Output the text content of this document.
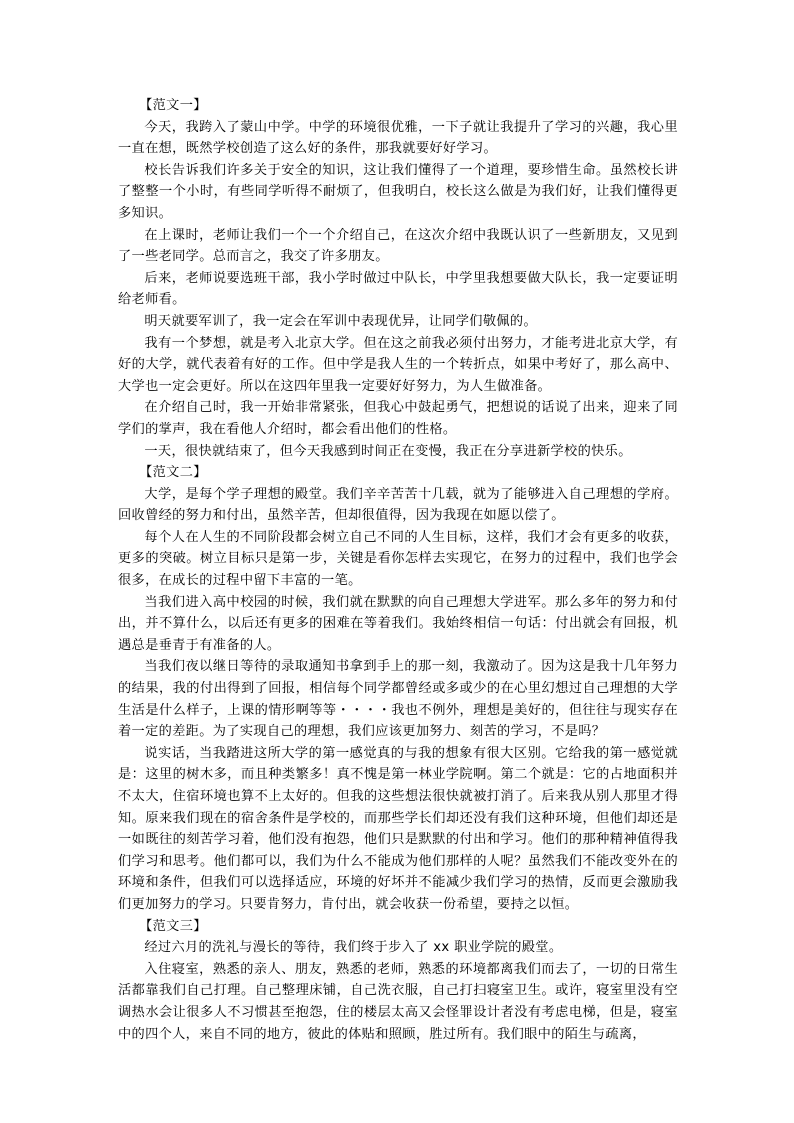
【范文一】

今天，我跨入了蒙山中学。中学的环境很优雅，一下子就让我提升了学习的兴趣，我心里一直在想，既然学校创造了这么好的条件，那我就要好好学习。

校长告诉我们许多关于安全的知识，这让我们懂得了一个道理，要珍惜生命。虽然校长讲了整整一个小时，有些同学听得不耐烦了，但我明白，校长这么做是为我们好，让我们懂得更多知识。

在上课时，老师让我们一个一个介绍自己，在这次介绍中我既认识了一些新朋友，又见到了一些老同学。总而言之，我交了许多朋友。

后来，老师说要选班干部，我小学时做过中队长，中学里我想要做大队长，我一定要证明给老师看。

明天就要军训了，我一定会在军训中表现优异，让同学们敬佩的。

我有一个梦想，就是考入北京大学。但在这之前我必须付出努力，才能考进北京大学，有好的大学，就代表着有好的工作。但中学是我人生的一个转折点，如果中考好了，那么高中、大学也一定会更好。所以在这四年里我一定要好好努力，为人生做准备。

在介绍自己时，我一开始非常紧张，但我心中鼓起勇气，把想说的话说了出来，迎来了同学们的掌声，我在看他人介绍时，都会看出他们的性格。

一天，很快就结束了，但今天我感到时间正在变慢，我正在分享进新学校的快乐。

【范文二】

大学，是每个学子理想的殿堂。我们辛辛苦苦十几载，就为了能够进入自己理想的学府。回收曾经的努力和付出，虽然辛苦，但却很值得，因为我现在如愿以偿了。

每个人在人生的不同阶段都会树立自己不同的人生目标，这样，我们才会有更多的收获，更多的突破。树立目标只是第一步，关键是看你怎样去实现它，在努力的过程中，我们也学会很多，在成长的过程中留下丰富的一笔。

当我们进入高中校园的时候，我们就在默默的向自己理想大学进军。那么多年的努力和付出，并不算什么，以后还有更多的困难在等着我们。我始终相信一句话：付出就会有回报，机遇总是垂青于有准备的人。

当我们夜以继日等待的录取通知书拿到手上的那一刻，我激动了。因为这是我十几年努力的结果，我的付出得到了回报，相信每个同学都曾经或多或少的在心里幻想过自己理想的大学生活是什么样子，上课的情形啊等等・・・・我也不例外，理想是美好的，但往往与现实存在着一定的差距。为了实现自己的理想，我们应该更加努力、刻苦的学习，不是吗？

说实话，当我踏进这所大学的第一感觉真的与我的想象有很大区别。它给我的第一感觉就是：这里的树木多，而且种类繁多！真不愧是第一林业学院啊。第二个就是：它的占地面积并不太大，住宿环境也算不上太好的。但我的这些想法很快就被打消了。后来我从别人那里才得知。原来我们现在的宿舍条件是学校的，而那些学长们却还没有我们这种环境，但他们却还是一如既往的刻苦学习着，他们没有抱怨，他们只是默默的付出和学习。他们的那种精神值得我们学习和思考。他们都可以，我们为什么不能成为他们那样的人呢？虽然我们不能改变外在的环境和条件，但我们可以选择适应，环境的好坏并不能减少我们学习的热情，反而更会激励我们更加努力的学习。只要肯努力，肯付出，就会收获一份希望，要持之以恒。

【范文三】

经过六月的洗礼与漫长的等待，我们终于步入了 xx 职业学院的殿堂。

入住寝室，熟悉的亲人、朋友，熟悉的老师，熟悉的环境都离我们而去了，一切的日常生活都靠我们自己打理。自己整理床铺，自己洗衣服，自己打扫寝室卫生。或许，寝室里没有空调热水会让很多人不习惯甚至抱怨，住的楼层太高又会怪罪设计者没有考虑电梯，但是，寝室中的四个人，来自不同的地方，彼此的体贴和照顾，胜过所有。我们眼中的陌生与疏离，
